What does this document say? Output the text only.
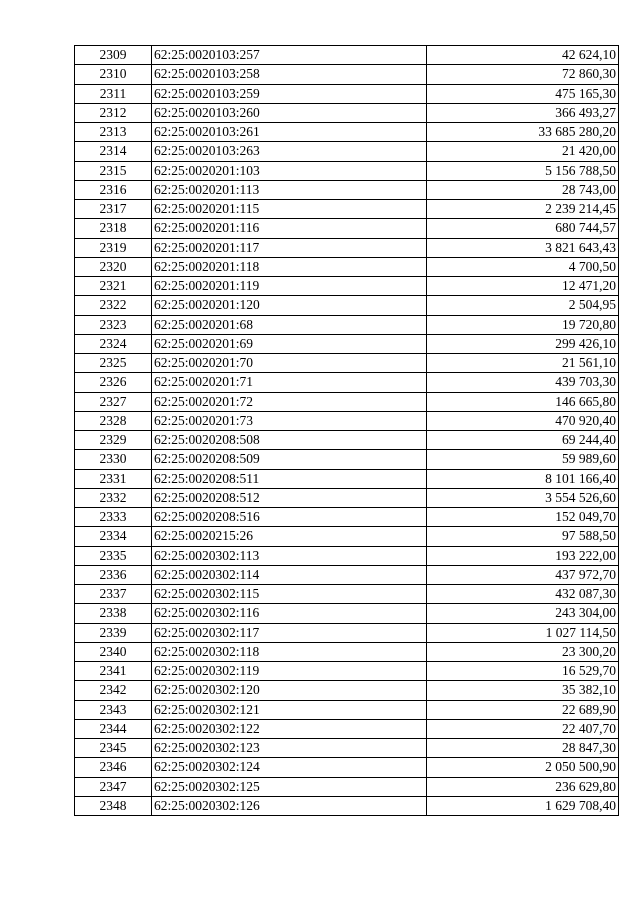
2309	62:25:0020103:257	42 624,10
2310	62:25:0020103:258	72 860,30
2311	62:25:0020103:259	475 165,30
2312	62:25:0020103:260	366 493,27
2313	62:25:0020103:261	33 685 280,20
2314	62:25:0020103:263	21 420,00
2315	62:25:0020201:103	5 156 788,50
2316	62:25:0020201:113	28 743,00
2317	62:25:0020201:115	2 239 214,45
2318	62:25:0020201:116	680 744,57
2319	62:25:0020201:117	3 821 643,43
2320	62:25:0020201:118	4 700,50
2321	62:25:0020201:119	12 471,20
2322	62:25:0020201:120	2 504,95
2323	62:25:0020201:68	19 720,80
2324	62:25:0020201:69	299 426,10
2325	62:25:0020201:70	21 561,10
2326	62:25:0020201:71	439 703,30
2327	62:25:0020201:72	146 665,80
2328	62:25:0020201:73	470 920,40
2329	62:25:0020208:508	69 244,40
2330	62:25:0020208:509	59 989,60
2331	62:25:0020208:511	8 101 166,40
2332	62:25:0020208:512	3 554 526,60
2333	62:25:0020208:516	152 049,70
2334	62:25:0020215:26	97 588,50
2335	62:25:0020302:113	193 222,00
2336	62:25:0020302:114	437 972,70
2337	62:25:0020302:115	432 087,30
2338	62:25:0020302:116	243 304,00
2339	62:25:0020302:117	1 027 114,50
2340	62:25:0020302:118	23 300,20
2341	62:25:0020302:119	16 529,70
2342	62:25:0020302:120	35 382,10
2343	62:25:0020302:121	22 689,90
2344	62:25:0020302:122	22 407,70
2345	62:25:0020302:123	28 847,30
2346	62:25:0020302:124	2 050 500,90
2347	62:25:0020302:125	236 629,80
2348	62:25:0020302:126	1 629 708,40
